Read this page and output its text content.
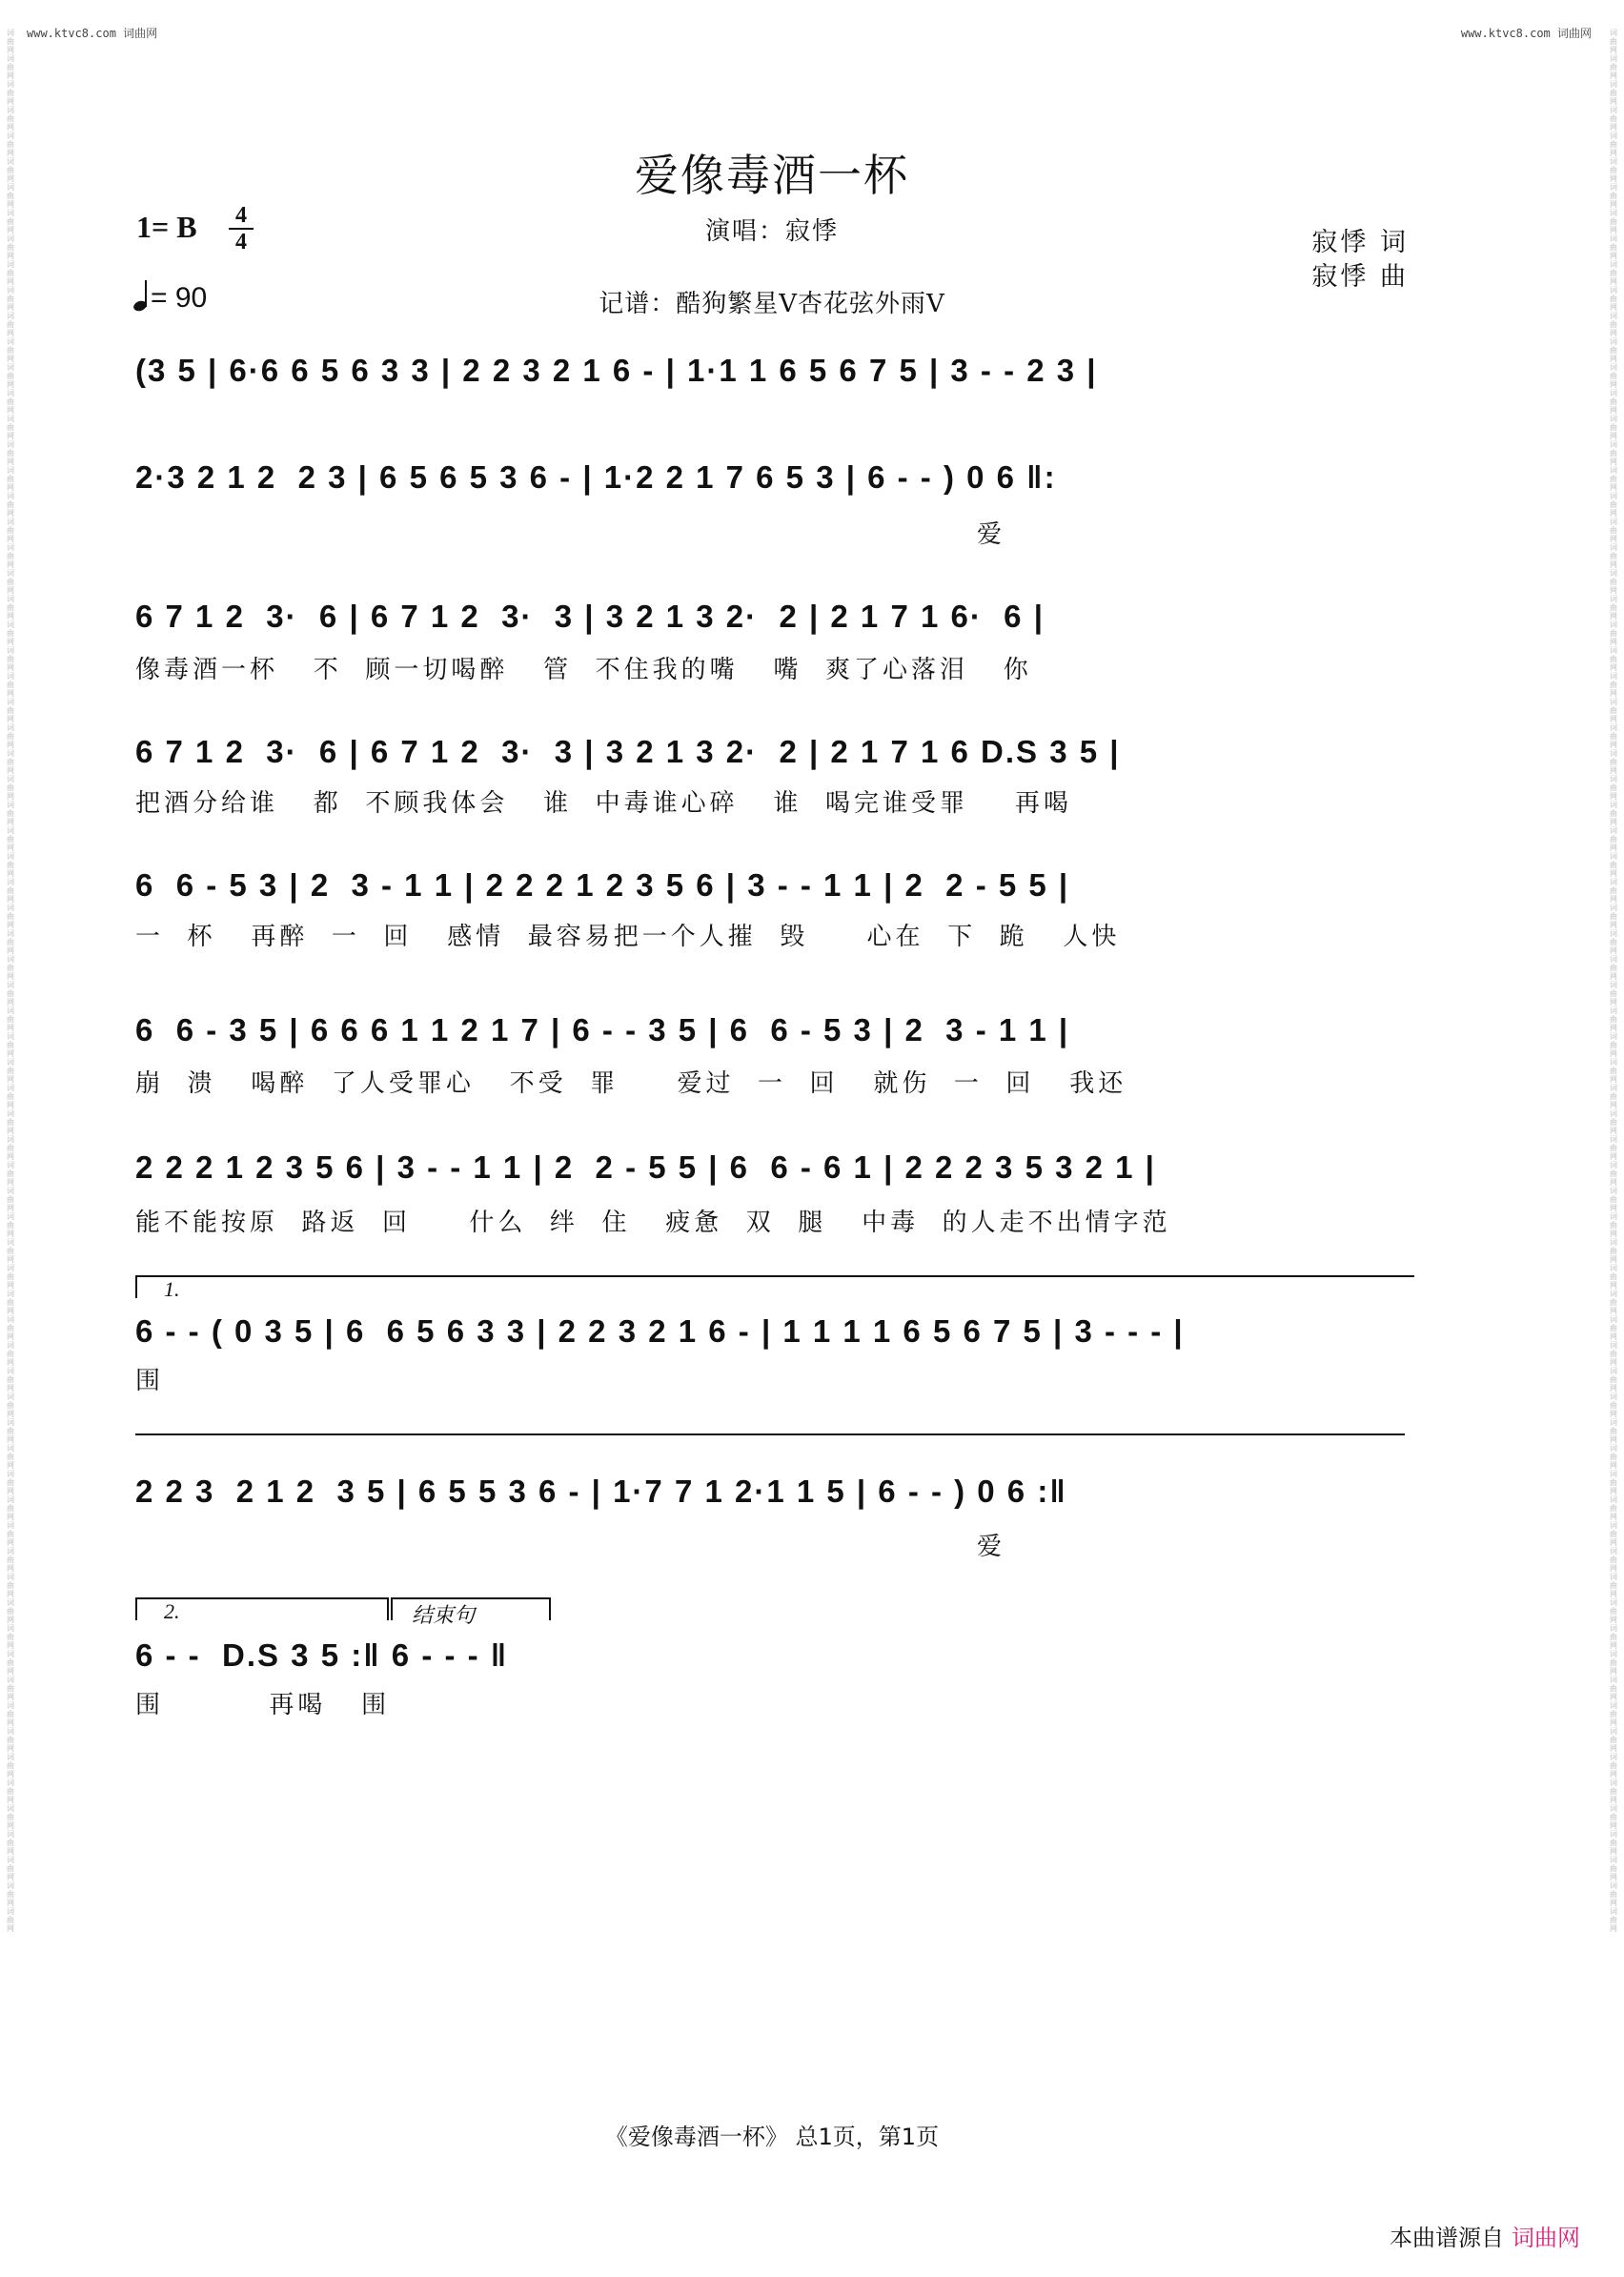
词曲网词曲网词曲网词曲网词曲网词曲网词曲网词曲网词曲网词曲网词曲网词曲网词曲网词曲网词曲网词曲网词曲网词曲网词曲网词曲网词曲网词曲网词曲网词曲网词曲网词曲网词曲网词曲网词曲网词曲网词曲网词曲网词曲网词曲网词曲网词曲网词曲网词曲网词曲网词曲网词曲网词曲网词曲网词曲网词曲网词曲网词曲网词曲网词曲网词曲网词曲网词曲网词曲网词曲网词曲网词曲网词曲网词曲网词曲网词曲网词曲网词曲网词曲网词曲网词曲网词曲网词曲网词曲网词曲网词曲网词曲网词曲网词曲网词曲网
词曲网词曲网词曲网词曲网词曲网词曲网词曲网词曲网词曲网词曲网词曲网词曲网词曲网词曲网词曲网词曲网词曲网词曲网词曲网词曲网词曲网词曲网词曲网词曲网词曲网词曲网词曲网词曲网词曲网词曲网词曲网词曲网词曲网词曲网词曲网词曲网词曲网词曲网词曲网词曲网词曲网词曲网词曲网词曲网词曲网词曲网词曲网词曲网词曲网词曲网词曲网词曲网词曲网词曲网词曲网词曲网词曲网词曲网词曲网词曲网词曲网词曲网词曲网词曲网词曲网词曲网词曲网词曲网词曲网词曲网词曲网词曲网词曲网词曲网
www.ktvc8.com 词曲网	www.ktvc8.com 词曲网
爱像毒酒一杯
演唱：寂悸
记谱：酷狗繁星V杏花弦外雨V
寂悸 词
寂悸 曲
1= B 4
4
= 90
(3 5 | 6·6 6 5 6 3 3 | 2 2 3 2 1 6 - | 1·1 1 6 5 6 7 5 | 3 - - 2 3 |
2·3 2 1 2  2 3 | 6 5 6 5 3 6 - | 1·2 2 1 7 6 5 3 | 6 - - ) 0 6 ‖:
爱
6 7 1 2  3·  6 | 6 7 1 2  3·  3 | 3 2 1 3 2·  2 | 2 1 7 1 6·  6 |
像毒酒一杯   不  顾一切喝醉   管  不住我的嘴   嘴  爽了心落泪   你
6 7 1 2  3·  6 | 6 7 1 2  3·  3 | 3 2 1 3 2·  2 | 2 1 7 1 6 D.S 3 5 |
把酒分给谁   都  不顾我体会   谁  中毒谁心碎   谁  喝完谁受罪    再喝
6  6 - 5 3 | 2  3 - 1 1 | 2 2 2 1 2 3 5 6 | 3 - - 1 1 | 2  2 - 5 5 |
一  杯   再醉  一  回   感情  最容易把一个人摧  毁     心在  下  跪   人快
6  6 - 3 5 | 6 6 6 1 1 2 1 7 | 6 - - 3 5 | 6  6 - 5 3 | 2  3 - 1 1 |
崩  溃   喝醉  了人受罪心   不受  罪     爱过  一  回   就伤  一  回   我还
2 2 2 1 2 3 5 6 | 3 - - 1 1 | 2  2 - 5 5 | 6  6 - 6 1 | 2 2 2 3 5 3 2 1 |
能不能按原  路返  回     什么  绊  住   疲惫  双  腿   中毒  的人走不出情字范
1.
6 - - ( 0 3 5 | 6  6 5 6 3 3 | 2 2 3 2 1 6 - | 1 1 1 1 6 5 6 7 5 | 3 - - - |
围
2 2 3  2 1 2  3 5 | 6 5 5 3 6 - | 1·7 7 1 2·1 1 5 | 6 - - ) 0 6 :‖
爱
2.	结束句
6 - -  D.S 3 5 :‖ 6 - - - ‖
围         再喝   围
《爱像毒酒一杯》 总1页，第1页
本曲谱源自 词曲网
